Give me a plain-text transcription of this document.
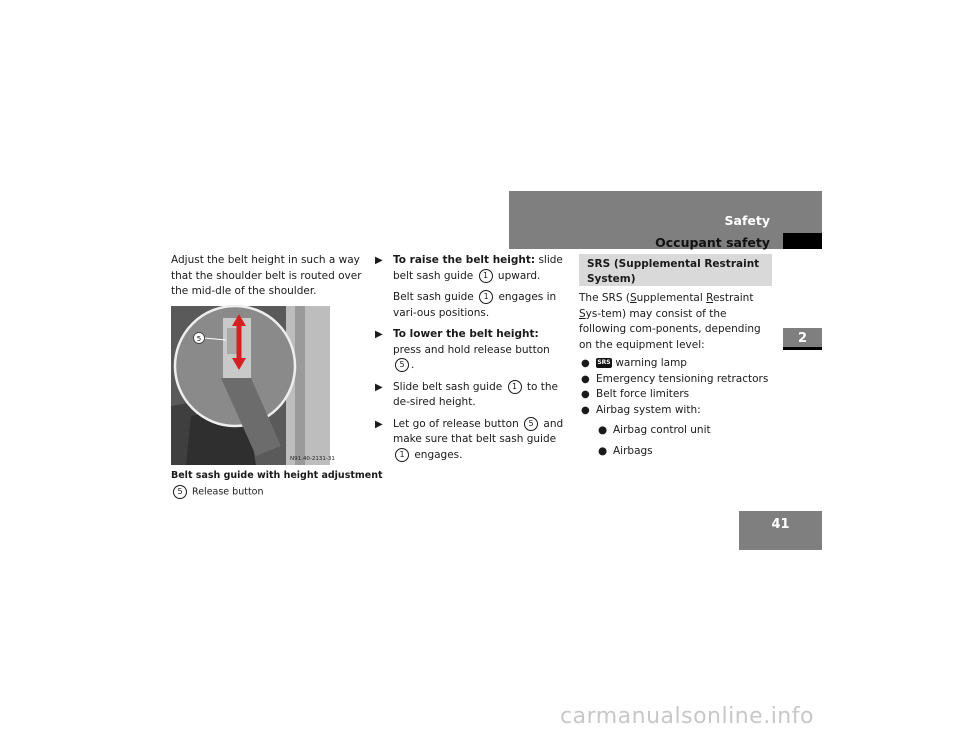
Safety
Occupant safety
2
41
Adjust the belt height in such a way that the shoulder belt is routed over the mid-dle of the shoulder.
5
N91.40-2131-31
Belt sash guide with height adjustment
5 Release button
▶ To raise the belt height: slide belt sash guide 1 upward.
Belt sash guide 1 engages in vari-ous positions.
▶ To lower the belt height: press and hold release button 5 .
▶ Slide belt sash guide 1 to the de-sired height.
▶ Let go of release button 5 and make sure that belt sash guide 1 engages.
SRS (Supplemental Restraint System)
The SRS (Supplemental Restraint Sys-tem) may consist of the following com-ponents, depending on the equipment level:
● SRS warning lamp
● Emergency tensioning retractors
● Belt force limiters
● Airbag system with:
● Airbag control unit
● Airbags
carmanualsonline.info
